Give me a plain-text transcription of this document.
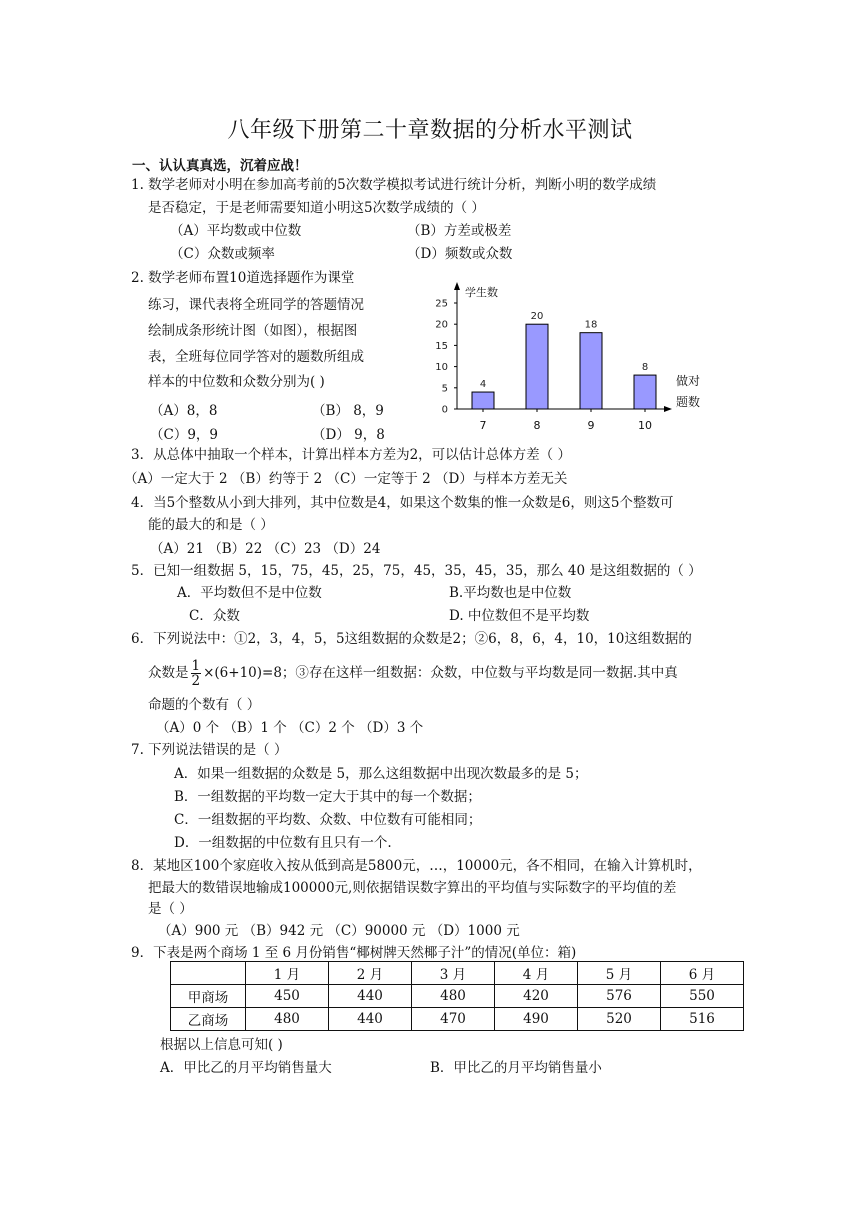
八年级下册第二十章数据的分析水平测试
一、认认真真选，沉着应战！
1. 数学老师对小明在参加高考前的5次数学模拟考试进行统计分析，判断小明的数学成绩
是否稳定，于是老师需要知道小明这5次数学成绩的（ ）
（A）平均数或中位数	（B）方差或极差
（C）众数或频率	（D）频数或众数
2. 数学老师布置10道选择题作为课堂
练习，课代表将全班同学的答题情况
绘制成条形统计图（如图），根据图
表，全班每位同学答对的题数所组成
样本的中位数和众数分别为( )
（A）8，8	（B） 8，9
（C）9，9	（D） 9，8
0
5
10
15
20
25
学生数
4
7
20
8
18
9
8
10
做对
题数
3．从总体中抽取一个样本，计算出样本方差为2，可以估计总体方差（ ）
（A）一定大于 2 （B）约等于 2 （C）一定等于 2 （D）与样本方差无关
4．当5个整数从小到大排列，其中位数是4，如果这个数集的惟一众数是6，则这5个整数可
能的最大的和是（ ）
（A）21 （B）22 （C）23 （D）24
5．已知一组数据 5，15，75，45，25，75，45，35，45，35，那么 40 是这组数据的（ ）
A．平均数但不是中位数	B.平均数也是中位数
C．众数	D. 中位数但不是平均数
6．下列说法中：①2，3，4，5，5这组数据的众数是2；②6，8，6，4，10，10这组数据的
众数是 $\frac{1}{2} \times(6+10)=8$；③存在这样一组数据：众数，中位数与平均数是同一数据.其中真
命题的个数有（ ）
（A）0 个 （B）1 个 （C）2 个 （D）3 个
7. 下列说法错误的是（ ）
A．如果一组数据的众数是 5，那么这组数据中出现次数最多的是 5；
B．一组数据的平均数一定大于其中的每一个数据；
C．一组数据的平均数、众数、中位数有可能相同；
D．一组数据的中位数有且只有一个.
8．某地区100个家庭收入按从低到高是5800元，…，10000元，各不相同，在输入计算机时，
把最大的数错误地输成100000元,则依据错误数字算出的平均值与实际数字的平均值的差
是（ ）
（A）900 元 （B）942 元 （C）90000 元 （D）1000 元
9．下表是两个商场 1 至 6 月份销售“椰树牌天然椰子汁”的情况(单位：箱)
	1 月	2 月	3 月	4 月	5 月	6 月
甲商场	450	440	480	420	576	550
乙商场	480	440	470	490	520	516
根据以上信息可知( )
A．甲比乙的月平均销售量大	B．甲比乙的月平均销售量小
